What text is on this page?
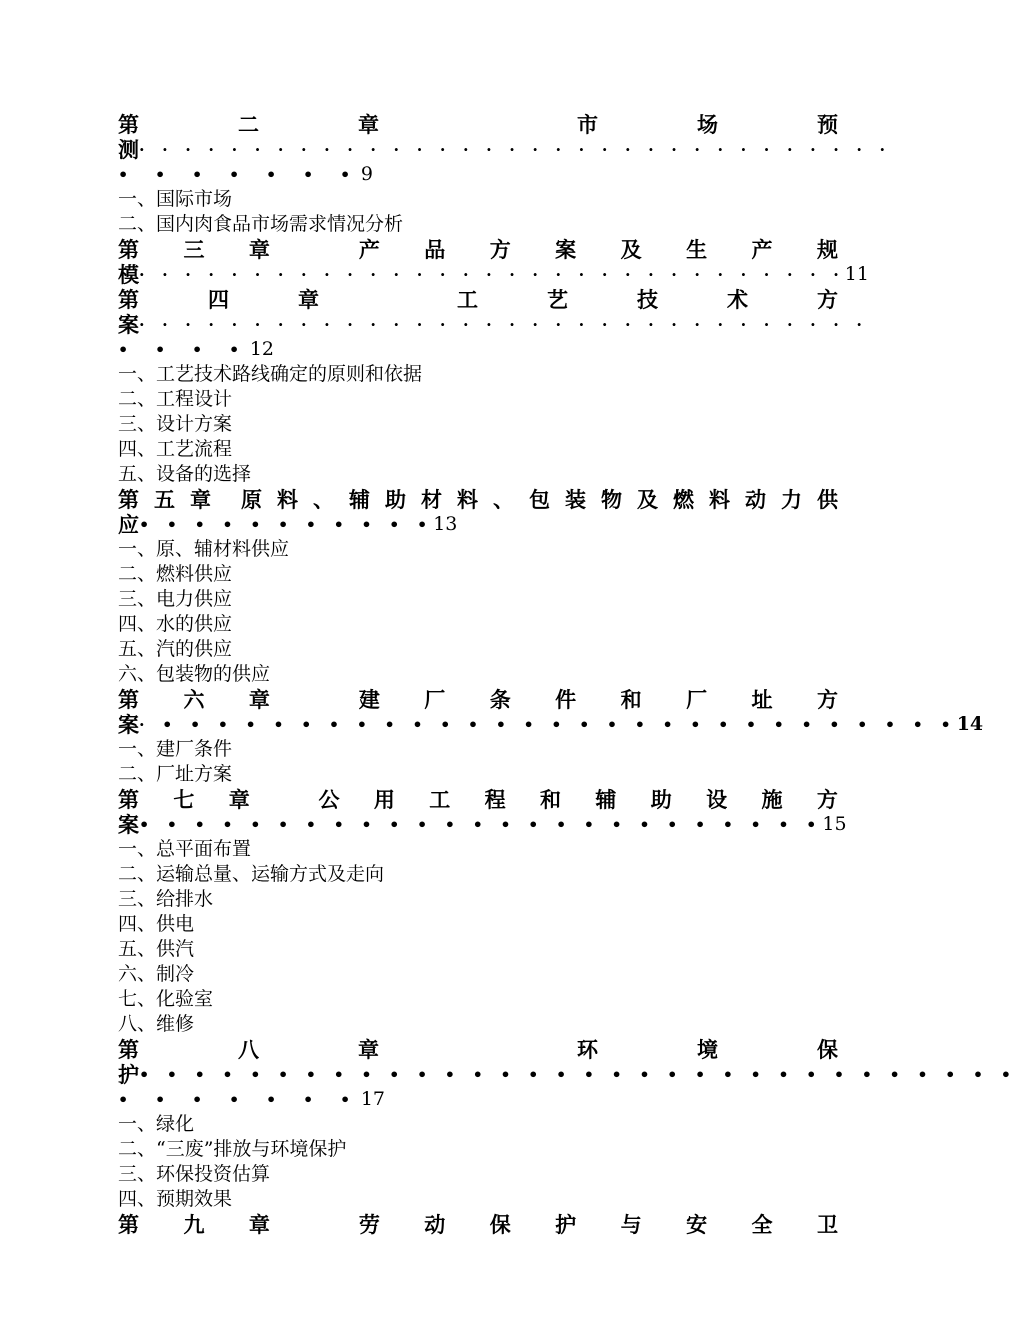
第	二	章	市	场	预
测 · · · · · · · · · · · · · · · · · · · · · · · · · · · · · · · · ·
• • • • • • •9
一、国际市场
二、国内肉食品市场需求情况分析
第 三 章	产 品 方 案 及 生 产 规
模 · · · · · · · · · · · · · · · · · · · · · · · · · · · · · · · 11
第	四	章	工	艺	技	术	方
案 · · · · · · · · · · · · · · · · · · · · · · · · · · · · · · · ·
• • • •12
一、工艺技术路线确定的原则和依据
二、工程设计
三、设计方案
四、工艺流程
五、设备的选择
第 五 章 原 料 、 辅 助 材 料 、 包 装 物 及 燃 料 动 力 供
应 • • • • • • • • • • • 13
一、原、辅材料供应
二、燃料供应
三、电力供应
四、水的供应
五、汽的供应
六、包装物的供应
第 六 章	建 厂 条 件 和 厂 址 方
案 · • • • • • • • • • • • • • • • • • • • • • • • • • • • • • 14
一、建厂条件
二、厂址方案
第 七 章	公 用 工 程 和 辅 助 设 施 方
案 • • • • • • • • • • • • • • • • • • • • • • • • • 15
一、总平面布置
二、运输总量、运输方式及走向
三、给排水
四、供电
五、供汽
六、制冷
七、化验室
八、维修
第	八	章	环	境	保
护 • • • • • • • • • • • • • • • • • • • • • • • • • • • • • • • •
• • • • • • •17
一、绿化
二、“三废”排放与环境保护
三、环保投资估算
四、预期效果
第 九 章	劳 动 保 护 与 安 全 卫
